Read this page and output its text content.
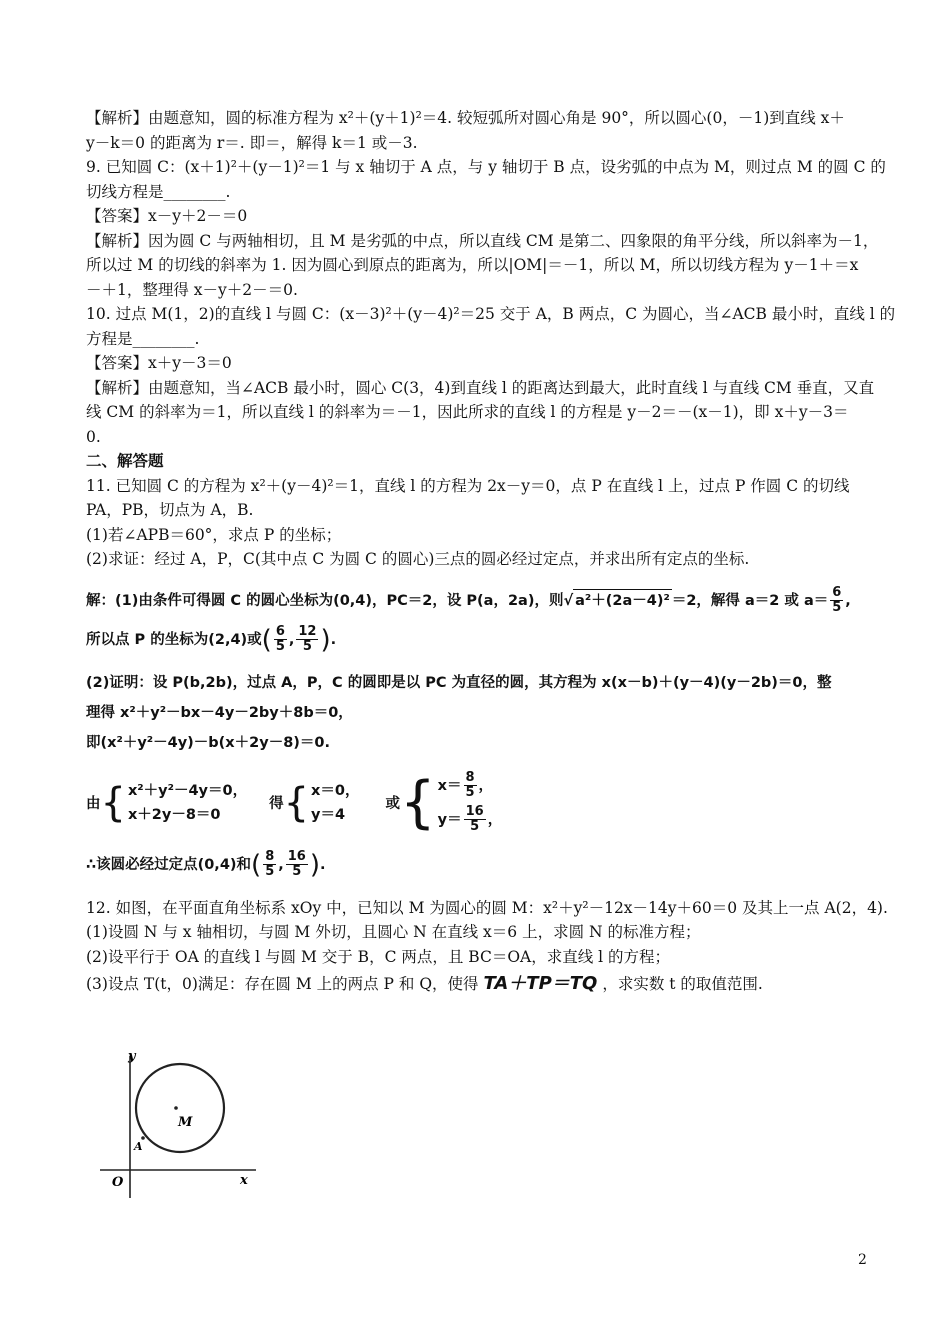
【解析】由题意知，圆的标准方程为 x²＋(y＋1)²＝4. 较短弧所对圆心角是 90°，所以圆心(0，－1)到直线 x＋
y－k＝0 的距离为 r＝. 即＝，解得 k＝1 或－3.
9. 已知圆 C：(x＋1)²＋(y－1)²＝1 与 x 轴切于 A 点，与 y 轴切于 B 点，设劣弧的中点为 M，则过点 M 的圆 C 的
切线方程是________.
【答案】x－y＋2－＝0
【解析】因为圆 C 与两轴相切，且 M 是劣弧的中点，所以直线 CM 是第二、四象限的角平分线，所以斜率为－1，
所以过 M 的切线的斜率为 1. 因为圆心到原点的距离为，所以|OM|＝－1，所以 M，所以切线方程为 y－1＋＝x
－＋1，整理得 x－y＋2－＝0.
10. 过点 M(1，2)的直线 l 与圆 C：(x－3)²＋(y－4)²＝25 交于 A，B 两点，C 为圆心，当∠ACB 最小时，直线 l 的
方程是________.
【答案】x＋y－3＝0
【解析】由题意知，当∠ACB 最小时，圆心 C(3，4)到直线 l 的距离达到最大，此时直线 l 与直线 CM 垂直，又直
线 CM 的斜率为＝1，所以直线 l 的斜率为＝－1，因此所求的直线 l 的方程是 y－2＝－(x－1)，即 x＋y－3＝
0.
二、解答题
11. 已知圆 C 的方程为 x²＋(y－4)²＝1，直线 l 的方程为 2x－y＝0，点 P 在直线 l 上，过点 P 作圆 C 的切线
PA，PB，切点为 A，B.
(1)若∠APB＝60°，求点 P 的坐标；
(2)求证：经过 A，P，C(其中点 C 为圆 C 的圆心)三点的圆必经过定点，并求出所有定点的坐标.
解：(1)由条件可得圆 C 的圆心坐标为(0,4)，PC＝2，设 P(a，2a)，则 √ a²＋(2a－4)² ＝2，解得 a＝2 或 $a= \frac{6}{5}$ ,
所以点 P 的坐标为(2,4)或 ( $\frac{6}{5}$ , $\frac{12}{5}$ ) .
(2)证明：设 P(b,2b)，过点 A，P，C 的圆即是以 PC 为直径的圆，其方程为 x(x－b)＋(y－4)(y－2b)＝0，整
理得 x²＋y²－bx－4y－2by＋8b＝0，
即(x²＋y²－4y)－b(x＋2y－8)＝0.
由 { x²＋y²－4y＝0，
x＋2y－8＝0
得 { x＝0，
y＝4
或 { $x= \frac{8}{5}$ ，
$y= \frac{16}{5}$ ，
∴该圆必经过定点(0,4)和 ( $\frac{8}{5}$ , $\frac{16}{5}$ ) .
12. 如图，在平面直角坐标系 xOy 中，已知以 M 为圆心的圆 M：x²＋y²－12x－14y＋60＝0 及其上一点 A(2，4).
(1)设圆 N 与 x 轴相切，与圆 M 外切，且圆心 N 在直线 x＝6 上，求圆 N 的标准方程；
(2)设平行于 OA 的直线 l 与圆 M 交于 B，C 两点，且 BC＝OA，求直线 l 的方程；
(3)设点 T(t，0)满足：存在圆 M 上的两点 P 和 Q，使得 TA＋TP＝TQ ，求实数 t 的取值范围.
y
x
O
M
A
2
